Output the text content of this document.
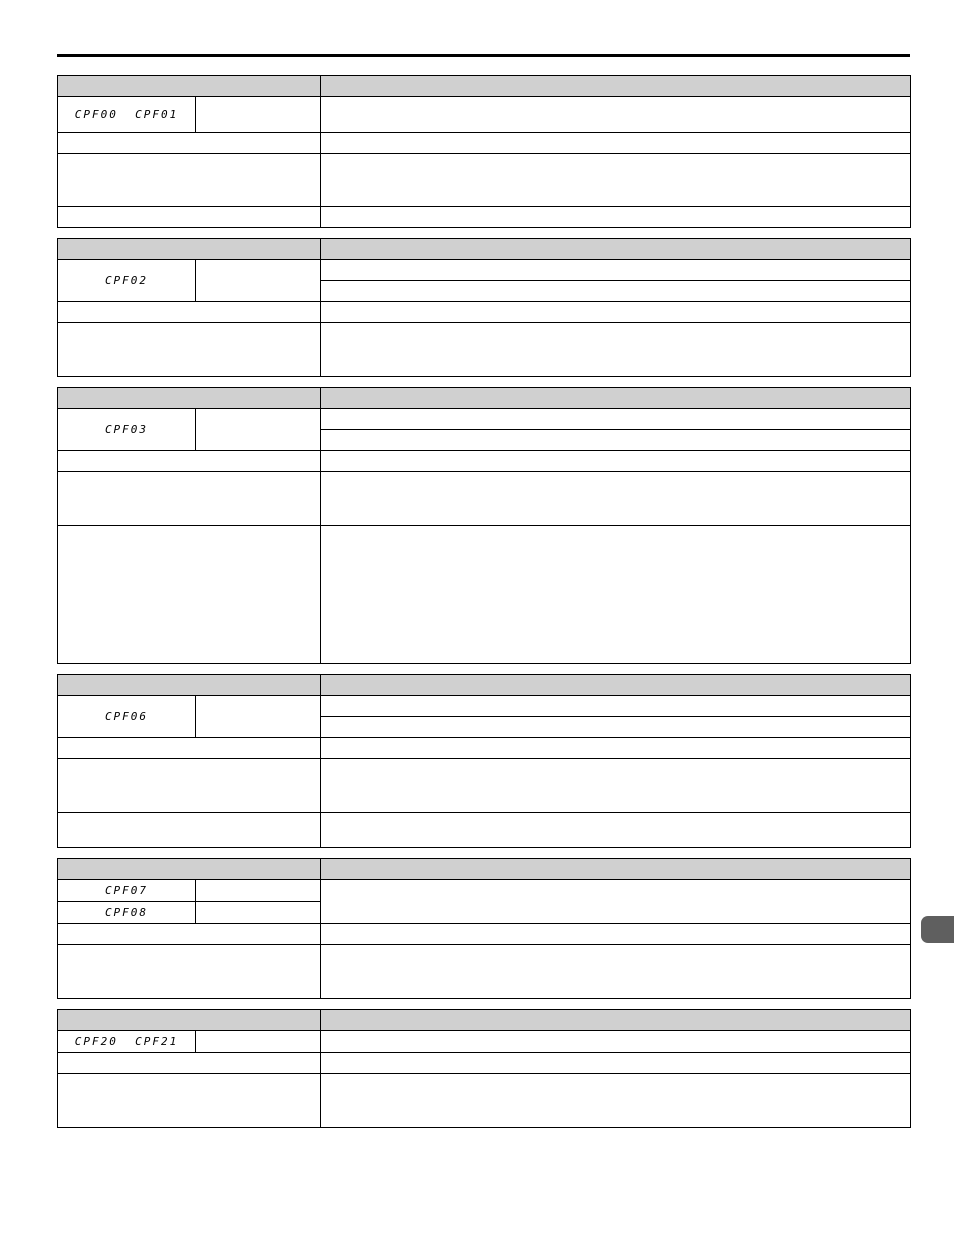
CPF00  CPF01		

CPF02		

CPF03		

CPF06		

CPF07		
CPF08		

CPF20  CPF21		
